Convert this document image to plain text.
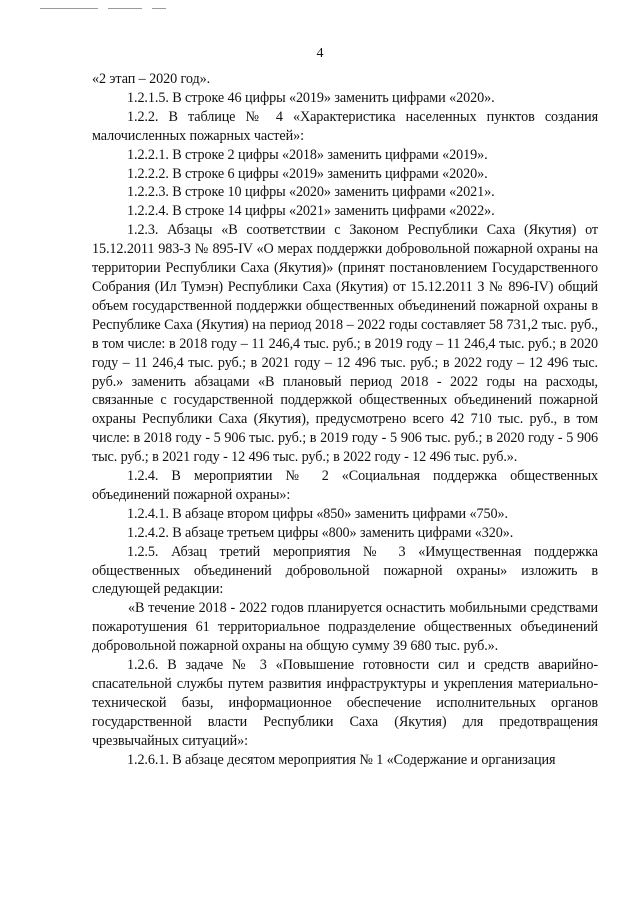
4

«2 этап – 2020 год».

1.2.1.5. В строке 46 цифры «2019» заменить цифрами «2020».

1.2.2. В таблице № 4 «Характеристика населенных пунктов создания малочисленных пожарных частей»:

1.2.2.1. В строке 2 цифры «2018» заменить цифрами «2019».

1.2.2.2. В строке 6 цифры «2019» заменить цифрами «2020».

1.2.2.3. В строке 10 цифры «2020» заменить цифрами «2021».

1.2.2.4. В строке 14 цифры «2021» заменить цифрами «2022».

1.2.3. Абзацы «В соответствии с Законом Республики Саха (Якутия) от 15.12.2011 983-З № 895-IV «О мерах поддержки добровольной пожарной охраны на территории Республики Саха (Якутия)» (принят постановлением Государственного Собрания (Ил Тумэн) Республики Саха (Якутия) от 15.12.2011 З № 896-IV) общий объем государственной поддержки общественных объединений пожарной охраны в Республике Саха (Якутия) на период 2018 – 2022 годы составляет 58 731,2 тыс. руб., в том числе: в 2018 году – 11 246,4 тыс. руб.; в 2019 году – 11 246,4 тыс. руб.; в 2020 году – 11 246,4 тыс. руб.; в 2021 году – 12 496 тыс. руб.; в 2022 году – 12 496 тыс. руб.» заменить абзацами «В плановый период 2018 - 2022 годы на расходы, связанные с государственной поддержкой общественных объединений пожарной охраны Республики Саха (Якутия), предусмотрено всего 42 710 тыс. руб., в том числе: в 2018 году - 5 906 тыс. руб.; в 2019 году - 5 906 тыс. руб.; в 2020 году - 5 906 тыс. руб.; в 2021 году - 12 496 тыс. руб.; в 2022 году - 12 496 тыс. руб.».

1.2.4. В мероприятии № 2 «Социальная поддержка общественных объединений пожарной охраны»:

1.2.4.1. В абзаце втором цифры «850» заменить цифрами «750».

1.2.4.2. В абзаце третьем цифры «800» заменить цифрами «320».

1.2.5. Абзац третий мероприятия № 3 «Имущественная поддержка общественных объединений добровольной пожарной охраны» изложить в следующей редакции:

«В течение 2018 - 2022 годов планируется оснастить мобильными средствами пожаротушения 61 территориальное подразделение общественных объединений добровольной пожарной охраны на общую сумму 39 680 тыс. руб.».

1.2.6. В задаче № 3 «Повышение готовности сил и средств аварийно-спасательной службы путем развития инфраструктуры и укрепления материально-технической базы, информационное обеспечение исполнительных органов государственной власти Республики Саха (Якутия) для предотвращения чрезвычайных ситуаций»:

1.2.6.1. В абзаце десятом мероприятия № 1 «Содержание и организация
